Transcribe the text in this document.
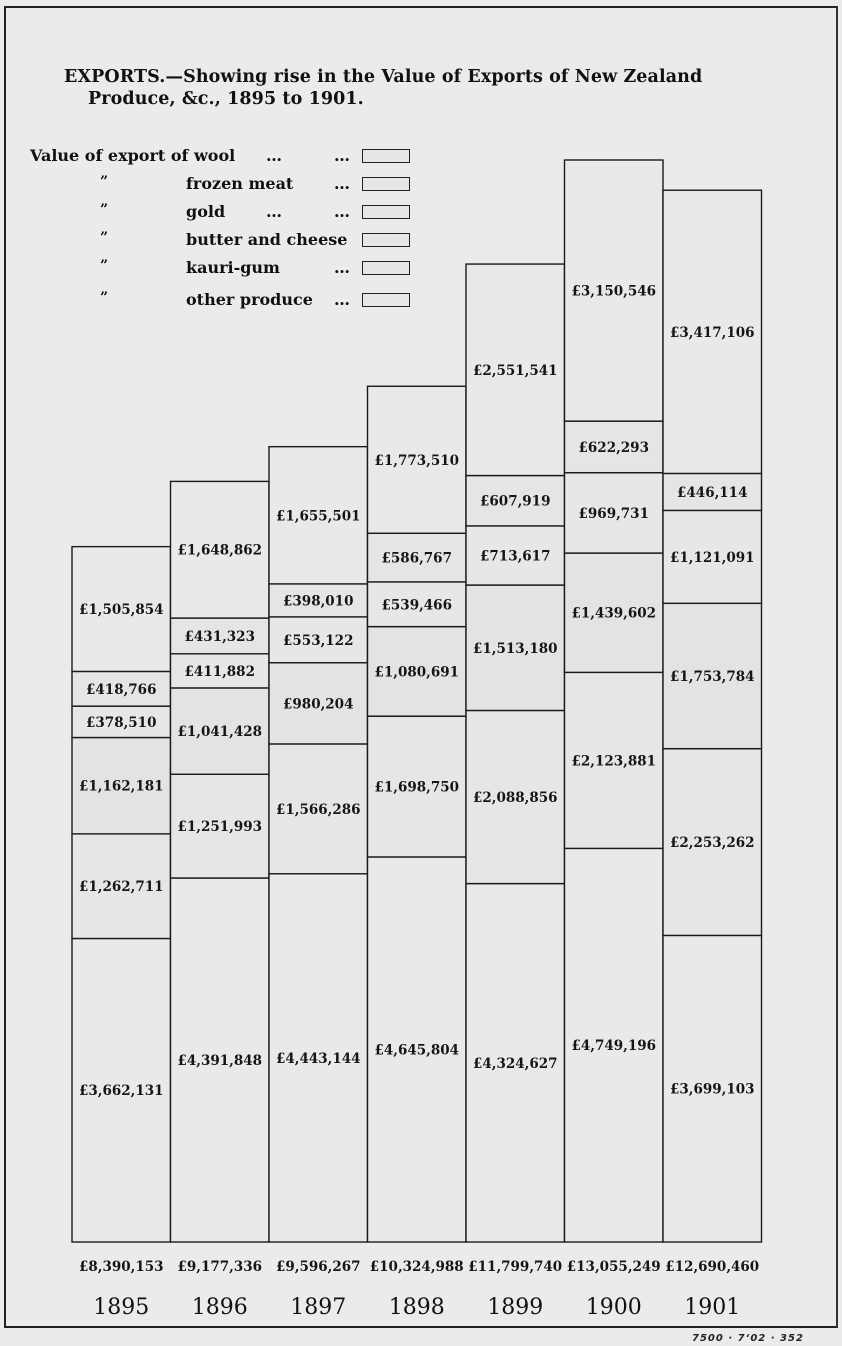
EXPORTS.—Showing rise in the Value of Exports of New Zealand
Produce, &c., 1895 to 1901.
Value of export of wool …	…
”	frozen meat	…
”	gold	…	…
”	butter and cheese
”	kauri-gum	…
”	other produce …
£3,662,131
£1,262,711
£1,162,181
£378,510
£418,766
£1,505,854
£8,390,153
1895
£4,391,848
£1,251,993
£1,041,428
£411,882
£431,323
£1,648,862
£9,177,336
1896
£4,443,144
£1,566,286
£980,204
£553,122
£398,010
£1,655,501
£9,596,267
1897
£4,645,804
£1,698,750
£1,080,691
£539,466
£586,767
£1,773,510
£10,324,988
1898
£4,324,627
£2,088,856
£1,513,180
£713,617
£607,919
£2,551,541
£11,799,740
1899
£4,749,196
£2,123,881
£1,439,602
£969,731
£622,293
£3,150,546
£13,055,249
1900
£3,699,103
£2,253,262
£1,753,784
£1,121,091
£446,114
£3,417,106
£12,690,460
1901
7500 · 7ʻ02 · 352
